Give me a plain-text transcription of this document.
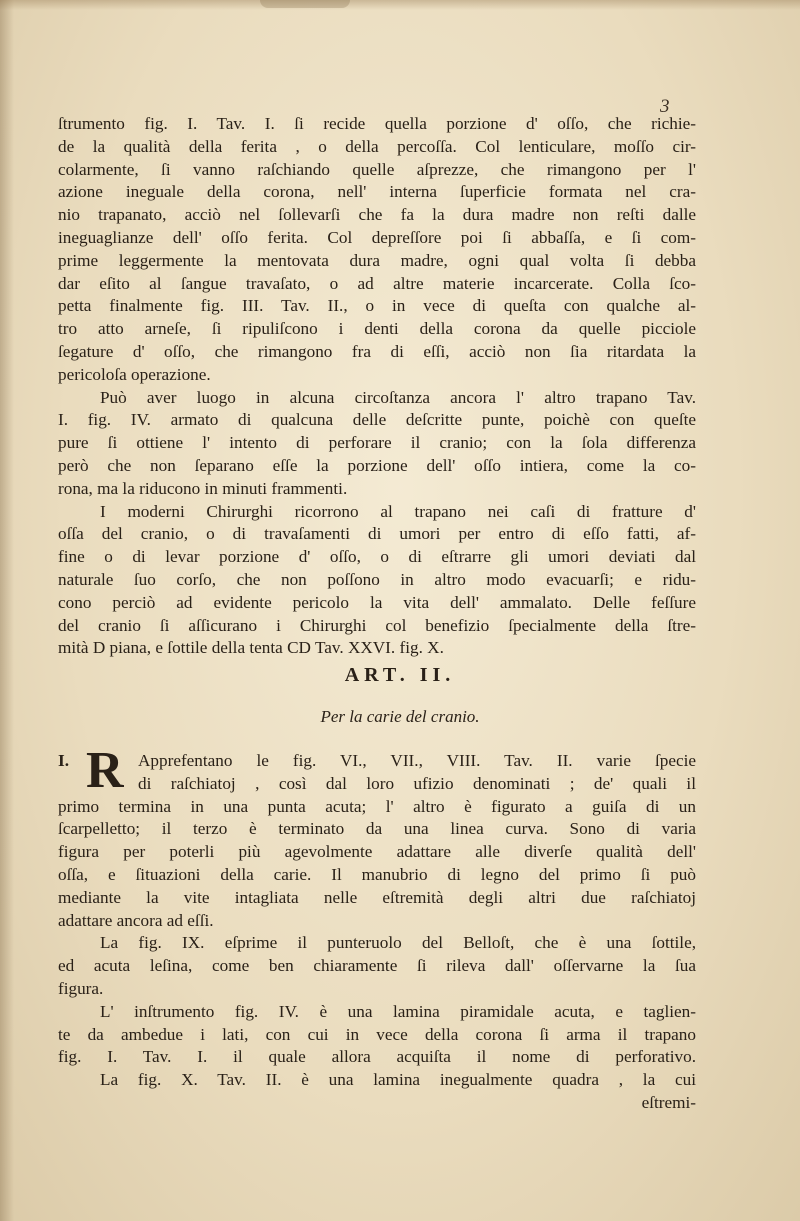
3
ſtrumento fig. I. Tav. I. ſi recide quella porzione d' oſſo, che richie-
de la qualità della ferita , o della percoſſa. Col lenticulare, moſſo cir-
colarmente, ſi vanno raſchiando quelle aſprezze, che rimangono per l'
azione ineguale della corona, nell' interna ſuperficie formata nel cra-
nio trapanato, acciò nel ſollevarſi che fa la dura madre non reſti dalle
ineguaglianze dell' oſſo ferita. Col depreſſore poi ſi abbaſſa, e ſi com-
prime leggermente la mentovata dura madre, ogni qual volta ſi debba
dar eſito al ſangue travaſato, o ad altre materie incarcerate. Colla ſco-
petta finalmente fig. III. Tav. II., o in vece di queſta con qualche al-
tro atto arneſe, ſi ripuliſcono i denti della corona da quelle picciole
ſegature d' oſſo, che rimangono fra di eſſi, acciò non ſia ritardata la
pericoloſa operazione.
Può aver luogo in alcuna circoſtanza ancora l' altro trapano Tav.
I. fig. IV. armato di qualcuna delle deſcritte punte, poichè con queſte
pure ſi ottiene l' intento di perforare il cranio; con la ſola differenza
però che non ſeparano eſſe la porzione dell' oſſo intiera, come la co-
rona, ma la riducono in minuti frammenti.
I moderni Chirurghi ricorrono al trapano nei caſi di fratture d'
oſſa del cranio, o di travaſamenti di umori per entro di eſſo fatti, af-
fine o di levar porzione d' oſſo, o di eſtrarre gli umori deviati dal
naturale ſuo corſo, che non poſſono in altro modo evacuarſi; e ridu-
cono perciò ad evidente pericolo la vita dell' ammalato. Delle feſſure
del cranio ſi aſſicurano i Chirurghi col benefizio ſpecialmente della ſtre-
mità D piana, e ſottile della tenta CD Tav. XXVI. fig. X.
ART. II.
Per la carie del cranio.
I. R Apprefentano le fig. VI., VII., VIII. Tav. II. varie ſpecie
di raſchiatoj , così dal loro ufizio denominati ; de' quali il
primo termina in una punta acuta; l' altro è figurato a guiſa di un
ſcarpelletto; il terzo è terminato da una linea curva. Sono di varia
figura per poterli più agevolmente adattare alle diverſe qualità dell'
oſſa, e ſituazioni della carie. Il manubrio di legno del primo ſi può
mediante la vite intagliata nelle eſtremità degli altri due raſchiatoj
adattare ancora ad eſſi.
La fig. IX. eſprime il punteruolo del Belloſt, che è una ſottile,
ed acuta leſina, come ben chiaramente ſi rileva dall' oſſervarne la ſua
figura.
L' inſtrumento fig. IV. è una lamina piramidale acuta, e taglien-
te da ambedue i lati, con cui in vece della corona ſi arma il trapano
fig. I. Tav. I. il quale allora acquiſta il nome di perforativo.
La fig. X. Tav. II. è una lamina inegualmente quadra , la cui
eſtremi-
